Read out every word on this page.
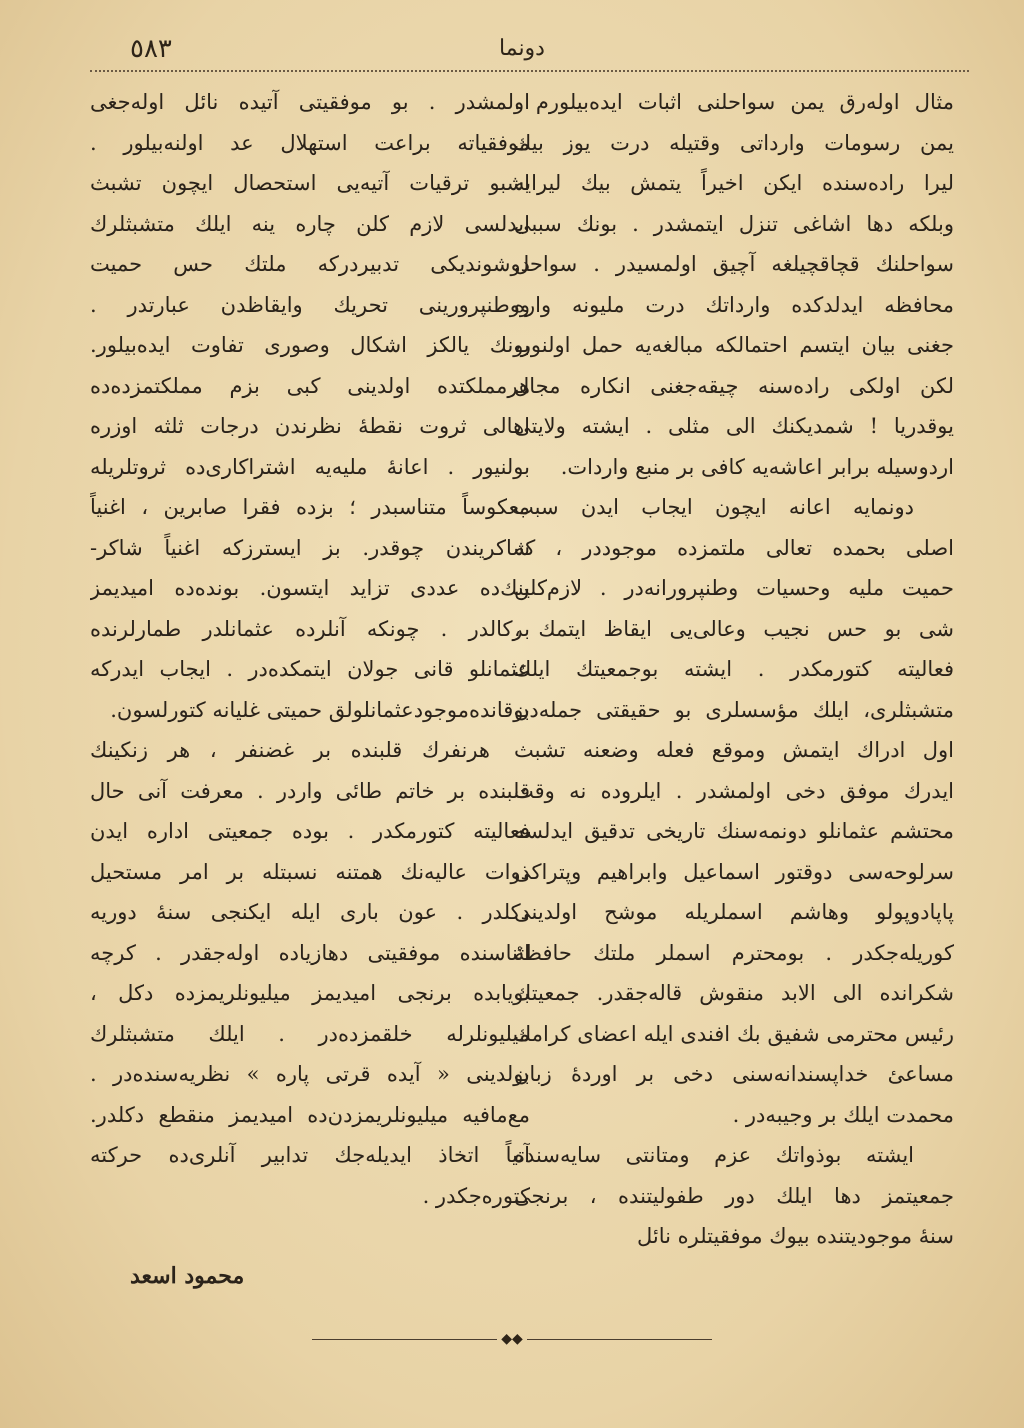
دونما
٥٨٣
مثال اوله‌رق يمن سواحلنى اثبات ايده‌بيلورم .
يمن رسومات وارداتى وقتيله درت يوز بيك
ليرا راده‌سنده ايكن اخيراً يتمش بيك ليرايه
وبلكه دها اشاغى تنزل ايتمشدر . بونك سببى
سواحلنك قچاقچيلغه آچيق اولمسيدر . سواحل
محافظه ايدلدكده وارداتك درت مليونه وارە‌
جغنى بيان ايتسم احتمالكه مبالغه‌يه حمل اولنور،
لكن اولكى راده‌سنه چيقه‌جغنى انكاره مجال
يوقدريا ! شمديكنك الى مثلى . ايشته ولايتى
اردوسيله برابر اعاشه‌يه كافى بر منبع واردات.
دونمايه اعانه ايچون ايجاب ايدن سبب
اصلى بحمده تعالى ملتمزده موجوددر ، كه
حميت مليه وحسيات وطنپرورانه‌در . لازم‌كلن
شى بو حس نجيب وعالى‌يى ايقاظ ايتمك ،
فعاليته كتورمكدر . ايشته بوجمعيتك ايلك
متشبثلرى، ايلك مؤسسلرى بو حقيقتى جمله‌دن
اول ادراك ايتمش وموقع فعله وضعنه تشبث
ايدرك موفق دخى اولمشدر . ايلروده نه وقت
محتشم عثمانلو دونمه‌سنك تاريخى تدقيق ايدلسه
سرلوحه‌سى دوقتور اسماعيل وابراهيم وپتراكى
پاپادوپولو وهاشم اسملريله موشح اولدينى
كوريله‌جكدر . بومحترم اسملر ملتك حافظهٔ
شكرانده الى الابد منقوش قاله‌جقدر. جمعيتك
رئيس محترمى شفيق بك افندى ايله اعضاى كرامك
مساعئ خداپسندانه‌سنى دخى بر اوردهٔ زبان
محمدت ايلك بر وجيبه‌در .
ايشته بوذواتك عزم ومتانتى سايه‌سنده
جمعيتمز دها ايلك دور طفوليتنده ، برنجى
سنهٔ موجوديتنده بيوك موفقيتلره نائل
اولمشدر . بو موفقيتى آتيده نائل اوله‌جغى
موفقياته براعت استهلال عد اولنه‌بيلور .
اشبو ترقيات آتيه‌يى استحصال ايچون تشبث
ايدلسى لازم كلن چاره ينه ايلك متشبثلرك
دوشونديكى تدبيردركه ملتك حس حميت
ووطنپرورينى تحريك وايقاظدن عبارتدر .
بونك يالكز اشكال وصورى تفاوت ايده‌بيلور.
هرمملكتده اولدينى كبى بزم مملكتمزده‌ده
اهالى ثروت نقطهٔ نظرندن درجات ثلثه اوزره
بولنيور . اعانهٔ مليه‌يه اشتراكارى‌ده ثروتلريله
معكوساً متناسبدر ؛ بزده فقرا صابرين ، اغنياً
شاكريندن چوقدر. بز ايسترزكه اغنياً شاكر-
ينك‌ده عددى تزايد ايتسون. بونده‌ده اميديمز
بركالدر . چونكه آنلرده عثمانلدر طمارلرنده
عثمانلو قانى جولان ايتمكده‌در . ايجاب ايدركه
بوقانده‌موجودعثمانلولق حميتى غليانه كتورلسون.
هرنفرك قلبنده بر غضنفر ، هر زنكينك
قلبنده بر خاتم طائى واردر . معرفت آنى حال
فعاليته كتورمكدر . بوده جمعيتى اداره ايدن
ذوات عاليه‌نك همتنه نسبتله بر امر مستحيل
دكلدر . عون بارى ايله ايكنجى سنهٔ دوريه
اثناسنده موفقيتى دهازياده اوله‌جقدر . كرچه
بويابده برنجى اميديمز ميليونلريمزده دكل ،
ميليونلرله خلقمزده‌در . ايلك متشبثلرك
بولدينى « آيده قرتى پاره » نظريه‌سنده‌در .
مع‌مافيه ميليونلريمزدن‌ده اميديمز منقطع دكلدر.
آتياً اتخاذ ايديله‌جك تدابير آنلرى‌ده حركته
كتوره‌جكدر .
محمود اسعد
◆◆
